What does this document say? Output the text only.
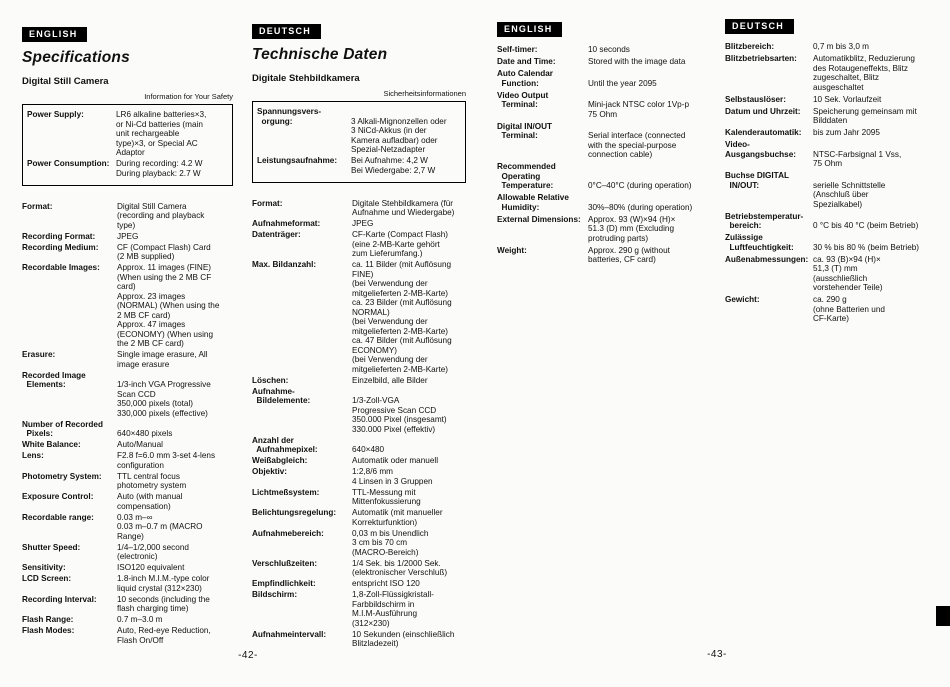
ENGLISH
Specifications
Digital Still Camera
Information for Your Safety
Power Supply:	LR6 alkaline batteries×3,
or Ni-Cd batteries (main
unit rechargeable
type)×3, or Special AC
Adaptor
Power Consumption: During recording: 4.2 W
During playback: 2.7 W
Format:	Digital Still Camera
(recording and playback
type)
Recording Format:	JPEG
Recording Medium:	CF (Compact Flash) Card
(2 MB supplied)
Recordable Images:	Approx. 11 images (FINE)
(When using the 2 MB CF
card)
Approx. 23 images
(NORMAL) (When using the
2 MB CF card)
Approx. 47 images
(ECONOMY) (When using
the 2 MB CF card)
Erasure:	Single image erasure, All
image erasure
Recorded Image
Elements:	1/3-inch VGA Progressive
Scan CCD
350,000 pixels (total)
330,000 pixels (effective)
Number of Recorded
Pixels:	640×480 pixels
White Balance:	Auto/Manual
Lens:	F2.8 f=6.0 mm 3-set 4-lens
configuration
Photometry System:	TTL central focus
photometry system
Exposure Control:	Auto (with manual
compensation)
Recordable range:	0.03 m–∞
0.03 m–0.7 m (MACRO
Range)
Shutter Speed:	1/4–1/2,000 second
(electronic)
Sensitivity:	ISO120 equivalent
LCD Screen:	1.8-inch M.I.M.-type color
liquid crystal (312×230)
Recording Interval:	10 seconds (including the
flash charging time)
Flash Range:	0.7 m–3.0 m
Flash Modes:	Auto, Red-eye Reduction,
Flash On/Off
DEUTSCH
Technische Daten
Digitale Stehbildkamera
Sicherheitsinformationen
Spannungsvers-
orgung:	3 Alkali-Mignonzellen oder
3 NiCd-Akkus (in der
Kamera aufladbar) oder
Spezial-Netzadapter
Leistungsaufnahme:	Bei Aufnahme: 4,2 W
Bei Wiedergabe: 2,7 W
Format:	Digitale Stehbildkamera (für
Aufnahme und Wiedergabe)
Aufnahmeformat:	JPEG
Datenträger:	CF-Karte (Compact Flash)
(eine 2-MB-Karte gehört
zum Lieferumfang.)
Max. Bildanzahl:	ca. 11 Bilder (mit Auflösung
FINE)
(bei Verwendung der
mitgelieferten 2-MB-Karte)
ca. 23 Bilder (mit Auflösung
NORMAL)
(bei Verwendung der
mitgelieferten 2-MB-Karte)
ca. 47 Bilder (mit Auflösung
ECONOMY)
(bei Verwendung der
mitgelieferten 2-MB-Karte)
Löschen:	Einzelbild, alle Bilder
Aufnahme-
Bildelemente:	1/3-Zoll-VGA
Progressive Scan CCD
350.000 Pixel (insgesamt)
330.000 Pixel (effektiv)
Anzahl der
Aufnahmepixel:	640×480
Weißabgleich:	Automatik oder manuell
Objektiv:	1:2,8/6 mm
4 Linsen in 3 Gruppen
Lichtmeßsystem:	TTL-Messung mit
Mittenfokussierung
Belichtungsregelung:	Automatik (mit manueller
Korrekturfunktion)
Aufnahmebereich:	0,03 m bis Unendlich
3 cm bis 70 cm
(MACRO-Bereich)
Verschlußzeiten:	1/4 Sek. bis 1/2000 Sek.
(elektronischer Verschluß)
Empfindlichkeit:	entspricht ISO 120
Bildschirm:	1,8-Zoll-Flüssigkristall-
Farbbildschirm in
M.I.M-Ausführung
(312×230)
Aufnahmeintervall:	10 Sekunden (einschließlich
Blitzladezeit)
ENGLISH
Self-timer:	10 seconds
Date and Time:	Stored with the image data
Auto Calendar
Function:	Until the year 2095
Video Output
Terminal:	Mini-jack NTSC color 1Vp-p
75 Ohm
Digital IN/OUT
Terminal:	Serial interface (connected
with the special-purpose
connection cable)
Recommended
Operating
Temperature:	0°C–40°C (during operation)
Allowable Relative
Humidity:	30%–80% (during operation)
External Dimensions: Approx. 93 (W)×94 (H)×
51.3 (D) mm (Excluding
protruding parts)
Weight:	Approx. 290 g (without
batteries, CF card)
DEUTSCH
Blitzbereich:	0,7 m bis 3,0 m
Blitzbetriebsarten:	Automatikblitz, Reduzierung
des Rotaugeneffekts, Blitz
zugeschaltet, Blitz
ausgeschaltet
Selbstauslöser:	10 Sek. Vorlaufzeit
Datum und Uhrzeit:	Speicherung gemeinsam mit
Bilddaten
Kalenderautomatik:	bis zum Jahr 2095
Video-
Ausgangsbuchse:	NTSC-Farbsignal 1 Vss,
75 Ohm
Buchse DIGITAL
IN/OUT:	serielle Schnittstelle
(Anschluß über
Spezialkabel)
Betriebstemperatur-
bereich:	0 °C bis 40 °C (beim Betrieb)
Zulässige
Luftfeuchtigkeit:	30 % bis 80 % (beim Betrieb)
Außenabmessungen: ca. 93 (B)×94 (H)×
51,3 (T) mm
(ausschließlich
vorstehender Teile)
Gewicht:	ca. 290 g
(ohne Batterien und
CF-Karte)
-42-	-43-
